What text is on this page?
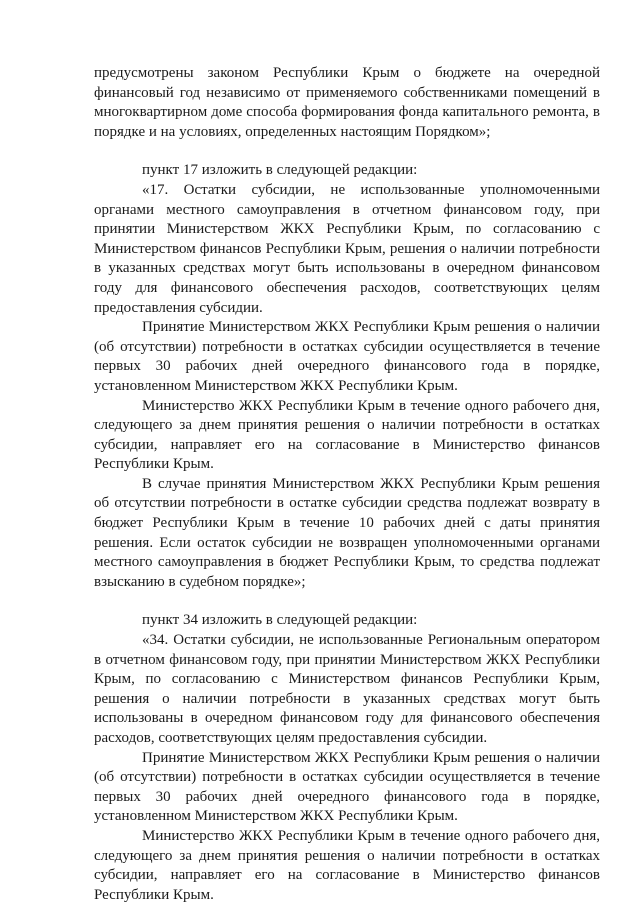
предусмотрены законом Республики Крым о бюджете на очередной финансовый год независимо от применяемого собственниками помещений в многоквартирном доме способа формирования фонда капитального ремонта, в порядке и на условиях, определенных настоящим Порядком»;

пункт 17 изложить в следующей редакции:

«17. Остатки субсидии, не использованные уполномоченными органами местного самоуправления в отчетном финансовом году, при принятии Министерством ЖКХ Республики Крым, по согласованию с Министерством финансов Республики Крым, решения о наличии потребности в указанных средствах могут быть использованы в очередном финансовом году для финансового обеспечения расходов, соответствующих целям предоставления субсидии.

Принятие Министерством ЖКХ Республики Крым решения о наличии (об отсутствии) потребности в остатках субсидии осуществляется в течение первых 30 рабочих дней очередного финансового года в порядке, установленном Министерством ЖКХ Республики Крым.

Министерство ЖКХ Республики Крым в течение одного рабочего дня, следующего за днем принятия решения о наличии потребности в остатках субсидии, направляет его на согласование в Министерство финансов Республики Крым.

В случае принятия Министерством ЖКХ Республики Крым решения об отсутствии потребности в остатке субсидии средства подлежат возврату в бюджет Республики Крым в течение 10 рабочих дней с даты принятия решения. Если остаток субсидии не возвращен уполномоченными органами местного самоуправления в бюджет Республики Крым, то средства подлежат взысканию в судебном порядке»;

пункт 34 изложить в следующей редакции:

«34. Остатки субсидии, не использованные Региональным оператором в отчетном финансовом году, при принятии Министерством ЖКХ Республики Крым, по согласованию с Министерством финансов Республики Крым, решения о наличии потребности в указанных средствах могут быть использованы в очередном финансовом году для финансового обеспечения расходов, соответствующих целям предоставления субсидии.

Принятие Министерством ЖКХ Республики Крым решения о наличии (об отсутствии) потребности в остатках субсидии осуществляется в течение первых 30 рабочих дней очередного финансового года в порядке, установленном Министерством ЖКХ Республики Крым.

Министерство ЖКХ Республики Крым в течение одного рабочего дня, следующего за днем принятия решения о наличии потребности в остатках субсидии, направляет его на согласование в Министерство финансов Республики Крым.
